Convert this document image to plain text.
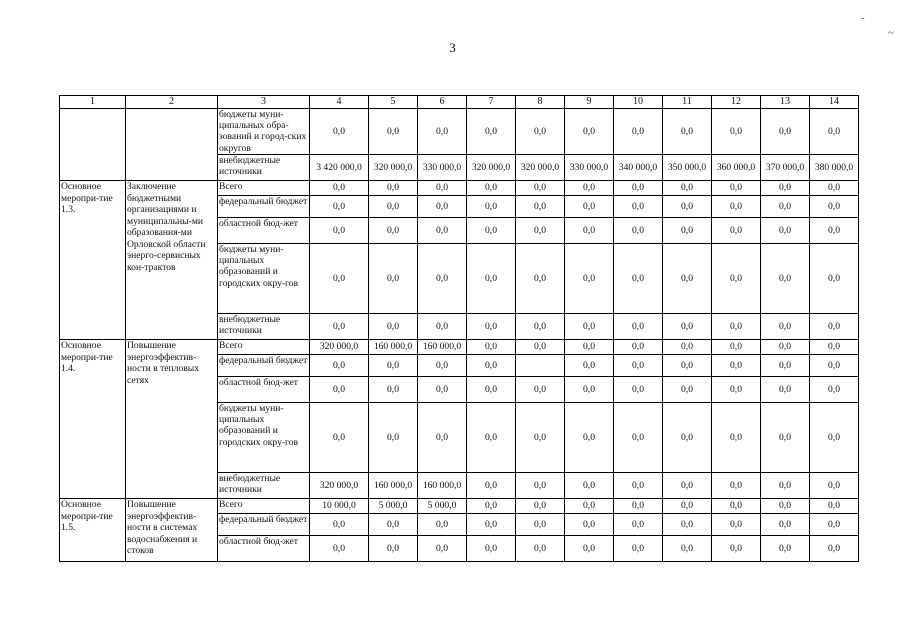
3
-
~
1	2	3	4	5	6	7	8	9	10	11	12	13	14
		бюджеты муни-ципальных обра-зований и город-ских округов	0,0	0,0	0,0	0,0	0,0	0,0	0,0	0,0	0,0	0,0	0,0
		внебюджетные источники	3 420 000,0	320 000,0	330 000,0	320 000,0	320 000,0	330 000,0	340 000,0	350 000,0	360 000,0	370 000,0	380 000,0
Основное меропри-тие 1.3.	Заключение бюджетными организациями и муниципальны-ми образования-ми Орловской области энерго-сервисных кон-трактов	Всего	0,0	0,0	0,0	0,0	0,0	0,0	0,0	0,0	0,0	0,0	0,0
		федеральный бюджет	0,0	0,0	0,0	0,0	0,0	0,0	0,0	0,0	0,0	0,0	0,0
		областной бюд-жет	0,0	0,0	0,0	0,0	0,0	0,0	0,0	0,0	0,0	0,0	0,0
		бюджеты муни-ципальных образований и городских окру-гов	0,0	0,0	0,0	0,0	0,0	0,0	0,0	0,0	0,0	0,0	0,0
		внебюджетные источники	0,0	0,0	0,0	0,0	0,0	0,0	0,0	0,0	0,0	0,0	0,0
Основное меропри-тие 1.4.	Повышение энергоэффектив-ности в тепловых сетях	Всего	320 000,0	160 000,0	160 000,0	0,0	0,0	0,0	0,0	0,0	0,0	0,0	0,0
		федеральный бюджет	0,0	0,0	0,0	0,0		0,0	0,0	0,0	0,0	0,0	0,0
		областной бюд-жет	0,0	0,0	0,0	0,0	0,0	0,0	0,0	0,0	0,0	0,0	0,0
		бюджеты муни-ципальных образований и городских окру-гов	0,0	0,0	0,0	0,0	0,0	0,0	0,0	0,0	0,0	0,0	0,0
		внебюджетные источники	320 000,0	160 000,0	160 000,0	0,0	0,0	0,0	0,0	0,0	0,0	0,0	0,0
Основное меропри-тие 1.5.	Повышение энергоэффектив-ности в системах водоснабжения и стоков	Всего	10 000,0	5 000,0	5 000,0	0,0	0,0	0,0	0,0	0,0	0,0	0,0	0,0
		федеральный бюджет	0,0	0,0	0,0	0,0	0,0	0,0	0,0	0,0	0,0	0,0	0,0
		областной бюд-жет	0,0	0,0	0,0	0,0	0,0	0,0	0,0	0,0	0,0	0,0	0,0
